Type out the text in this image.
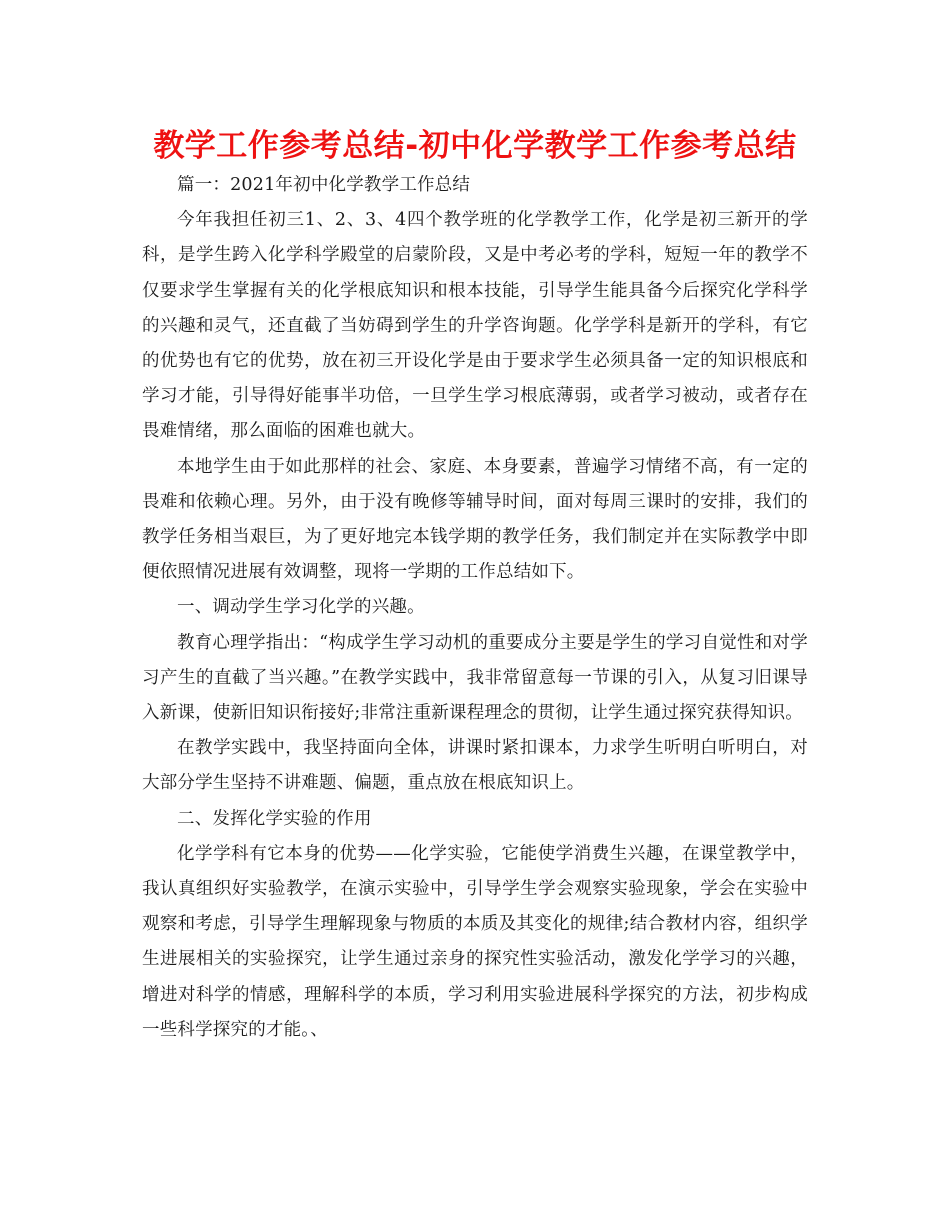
教学工作参考总结-初中化学教学工作参考总结

篇一：2021年初中化学教学工作总结

今年我担任初三1、2、3、4四个教学班的化学教学工作，化学是初三新开的学科，是学生跨入化学科学殿堂的启蒙阶段，又是中考必考的学科，短短一年的教学不仅要求学生掌握有关的化学根底知识和根本技能，引导学生能具备今后探究化学科学的兴趣和灵气，还直截了当妨碍到学生的升学咨询题。化学学科是新开的学科，有它的优势也有它的优势，放在初三开设化学是由于要求学生必须具备一定的知识根底和学习才能，引导得好能事半功倍，一旦学生学习根底薄弱，或者学习被动，或者存在畏难情绪，那么面临的困难也就大。

本地学生由于如此那样的社会、家庭、本身要素，普遍学习情绪不高，有一定的畏难和依赖心理。另外，由于没有晚修等辅导时间，面对每周三课时的安排，我们的教学任务相当艰巨，为了更好地完本钱学期的教学任务，我们制定并在实际教学中即便依照情况进展有效调整，现将一学期的工作总结如下。

一、调动学生学习化学的兴趣。

教育心理学指出：“构成学生学习动机的重要成分主要是学生的学习自觉性和对学习产生的直截了当兴趣。”在教学实践中，我非常留意每一节课的引入，从复习旧课导入新课，使新旧知识衔接好;非常注重新课程理念的贯彻，让学生通过探究获得知识。

在教学实践中，我坚持面向全体，讲课时紧扣课本，力求学生听明白听明白，对大部分学生坚持不讲难题、偏题，重点放在根底知识上。

二、发挥化学实验的作用

化学学科有它本身的优势——化学实验，它能使学消费生兴趣，在课堂教学中，我认真组织好实验教学，在演示实验中，引导学生学会观察实验现象，学会在实验中观察和考虑，引导学生理解现象与物质的本质及其变化的规律;结合教材内容，组织学生进展相关的实验探究，让学生通过亲身的探究性实验活动，激发化学学习的兴趣，增进对科学的情感，理解科学的本质，学习利用实验进展科学探究的方法，初步构成一些科学探究的才能。、
